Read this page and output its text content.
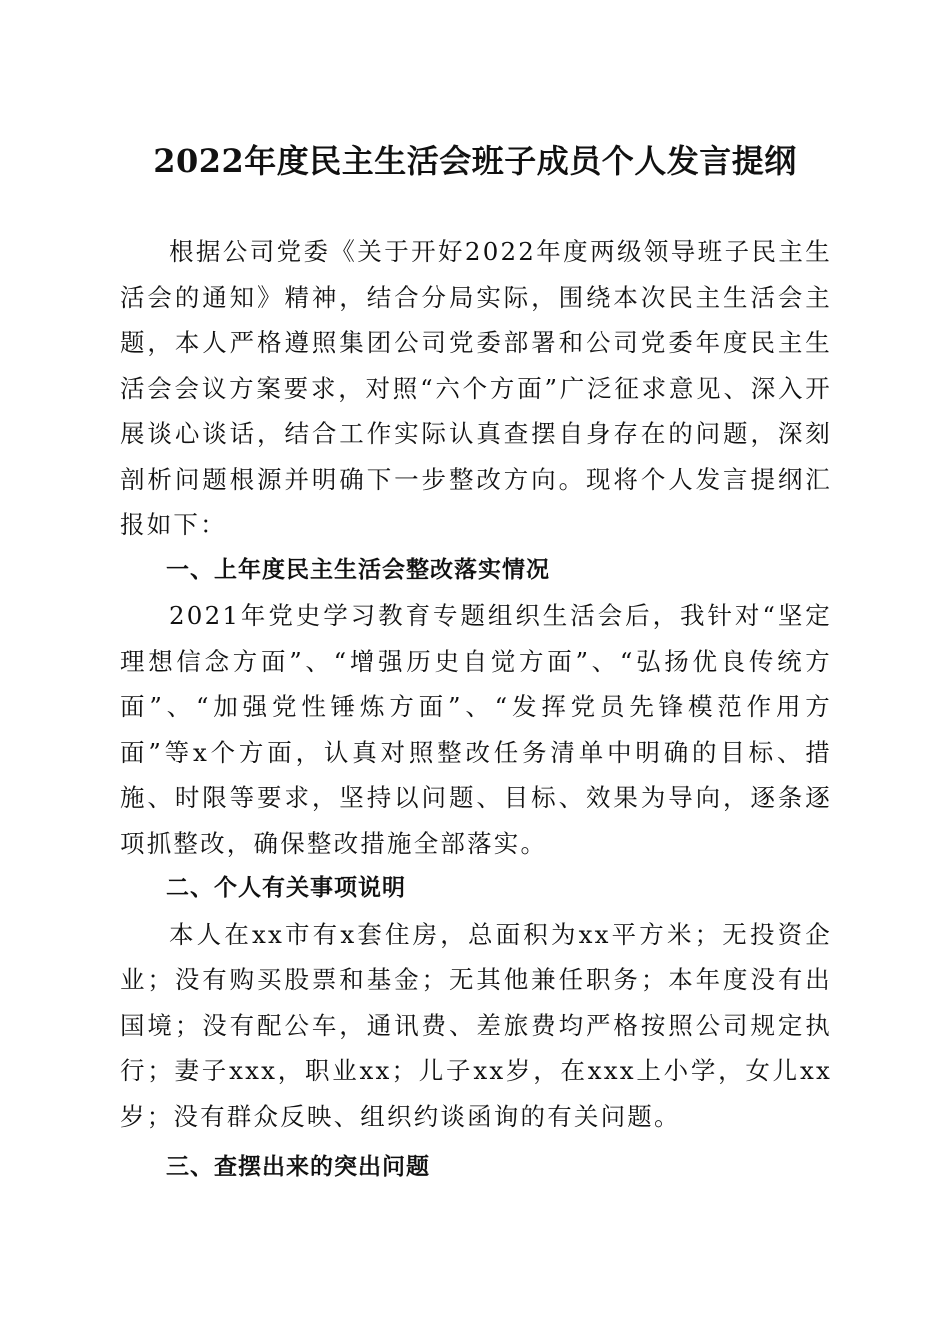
2022年度民主生活会班子成员个人发言提纲

根据公司党委《关于开好2022年度两级领导班子民主生活会的通知》精神，结合分局实际，围绕本次民主生活会主题，本人严格遵照集团公司党委部署和公司党委年度民主生活会会议方案要求，对照“六个方面”广泛征求意见、深入开展谈心谈话，结合工作实际认真查摆自身存在的问题，深刻剖析问题根源并明确下一步整改方向。现将个人发言提纲汇报如下：

一、上年度民主生活会整改落实情况

2021年党史学习教育专题组织生活会后，我针对“坚定理想信念方面”、“增强历史自觉方面”、“弘扬优良传统方面”、“加强党性锤炼方面”、“发挥党员先锋模范作用方面”等x个方面，认真对照整改任务清单中明确的目标、措施、时限等要求，坚持以问题、目标、效果为导向，逐条逐项抓整改，确保整改措施全部落实。

二、个人有关事项说明

本人在xx市有x套住房，总面积为xx平方米；无投资企业；没有购买股票和基金；无其他兼任职务；本年度没有出国境；没有配公车，通讯费、差旅费均严格按照公司规定执行；妻子xxx，职业xx；儿子xx岁，在xxx上小学，女儿xx岁；没有群众反映、组织约谈函询的有关问题。

三、查摆出来的突出问题
